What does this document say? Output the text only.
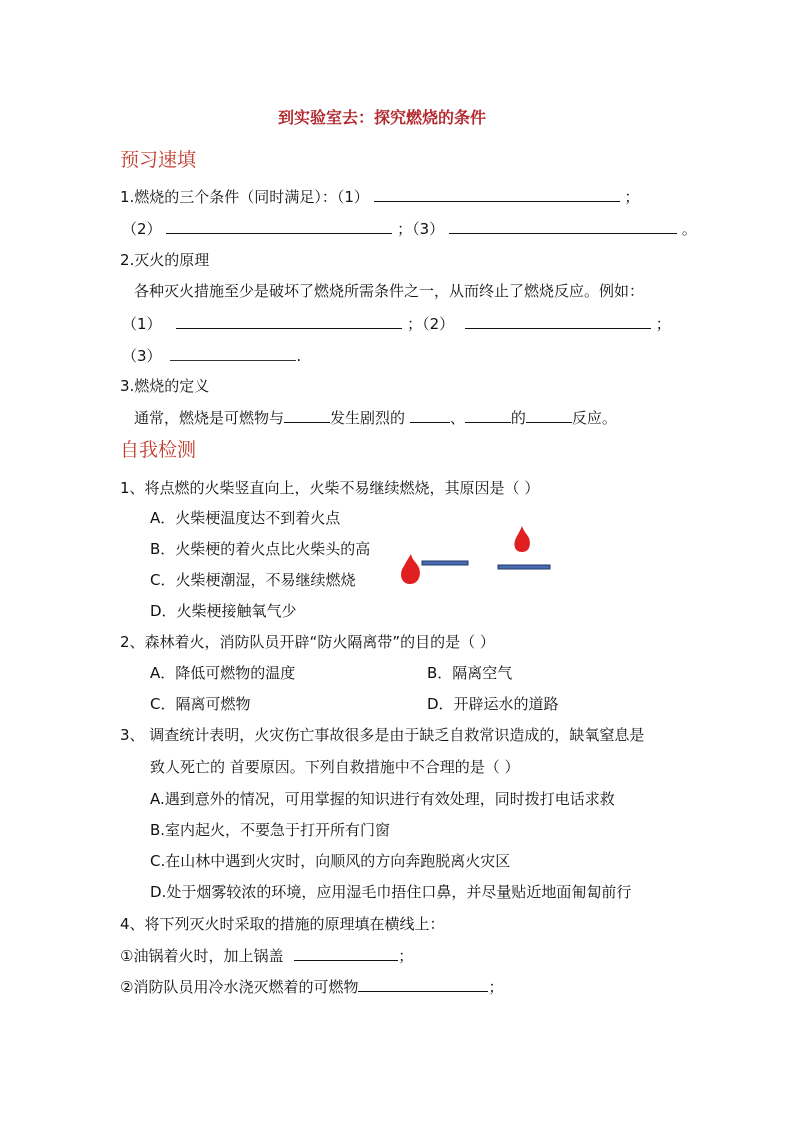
到实验室去：探究燃烧的条件
预习速填
1.燃烧的三个条件（同时满足）：（1）	；
（2）	；（3）	。
2.灭火的原理
各种灭火措施至少是破坏了燃烧所需条件之一，从而终止了燃烧反应。例如：
（1）	；（2）	；
（3）	.
3.燃烧的定义
通常，燃烧是可燃物与	发生剧烈的	、	的	反应。
自我检测
1、将点燃的火柴竖直向上，火柴不易继续燃烧，其原因是（ ）
A．火柴梗温度达不到着火点
B．火柴梗的着火点比火柴头的高
C．火柴梗潮湿，不易继续燃烧
D．火柴梗接触氧气少
2、森林着火，消防队员开辟“防火隔离带”的目的是（ ）
A．降低可燃物的温度	B．隔离空气
C．隔离可燃物	D．开辟运水的道路
3、 调查统计表明，火灾伤亡事故很多是由于缺乏自救常识造成的，缺氧窒息是
致人死亡的 首要原因。下列自救措施中不合理的是（ ）
A.遇到意外的情况，可用掌握的知识进行有效处理，同时拨打电话求救
B.室内起火，不要急于打开所有门窗
C.在山林中遇到火灾时，向顺风的方向奔跑脱离火灾区
D.处于烟雾较浓的环境，应用湿毛巾捂住口鼻，并尽量贴近地面匍匐前行
4、将下列灭火时采取的措施的原理填在横线上：
①油锅着火时，加上锅盖	；
②消防队员用冷水浇灭燃着的可燃物	；
